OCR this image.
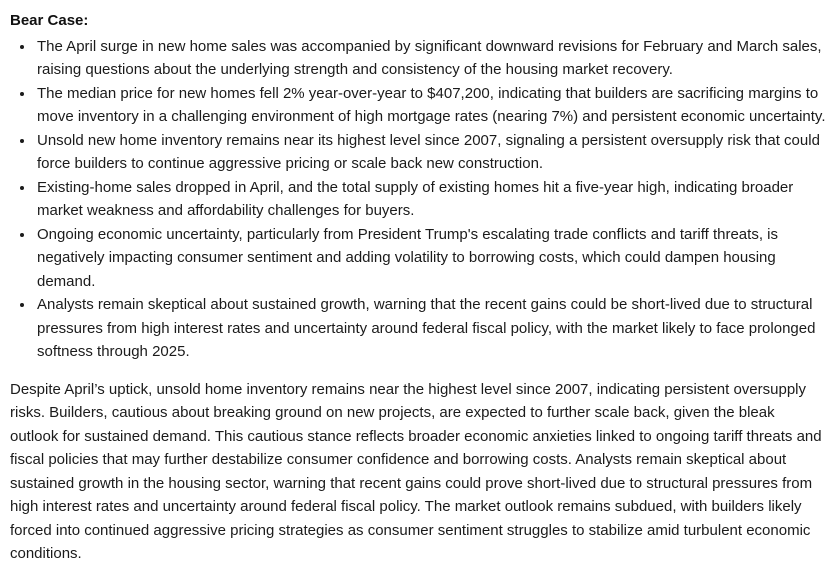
Bear Case:
• The April surge in new home sales was accompanied by significant downward revisions for February and March sales, raising questions about the underlying strength and consistency of the housing market recovery.
• The median price for new homes fell 2% year-over-year to $407,200, indicating that builders are sacrificing margins to move inventory in a challenging environment of high mortgage rates (nearing 7%) and persistent economic uncertainty.
• Unsold new home inventory remains near its highest level since 2007, signaling a persistent oversupply risk that could force builders to continue aggressive pricing or scale back new construction.
• Existing-home sales dropped in April, and the total supply of existing homes hit a five-year high, indicating broader market weakness and affordability challenges for buyers.
• Ongoing economic uncertainty, particularly from President Trump's escalating trade conflicts and tariff threats, is negatively impacting consumer sentiment and adding volatility to borrowing costs, which could dampen housing demand.
• Analysts remain skeptical about sustained growth, warning that the recent gains could be short-lived due to structural pressures from high interest rates and uncertainty around federal fiscal policy, with the market likely to face prolonged softness through 2025.

Despite April’s uptick, unsold home inventory remains near the highest level since 2007, indicating persistent oversupply risks. Builders, cautious about breaking ground on new projects, are expected to further scale back, given the bleak outlook for sustained demand. This cautious stance reflects broader economic anxieties linked to ongoing tariff threats and fiscal policies that may further destabilize consumer confidence and borrowing costs. Analysts remain skeptical about sustained growth in the housing sector, warning that recent gains could prove short-lived due to structural pressures from high interest rates and uncertainty around federal fiscal policy. The market outlook remains subdued, with builders likely forced into continued aggressive pricing strategies as consumer sentiment struggles to stabilize amid turbulent economic conditions.
